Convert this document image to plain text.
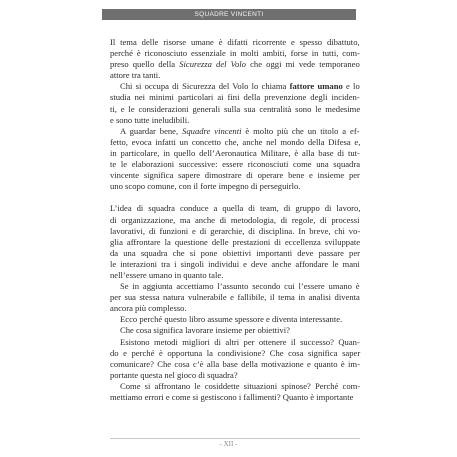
SQUADRE VINCENTI
Il tema delle risorse umane è difatti ricorrente e spesso dibattuto,
perché è riconosciuto essenziale in molti ambiti, forse in tutti, com-
preso quello della Sicurezza del Volo che oggi mi vede temporaneo
attore tra tanti.
Chi si occupa di Sicurezza del Volo lo chiama fattore umano e lo
studia nei minimi particolari ai fini della prevenzione degli inciden-
ti, e le considerazioni generali sulla sua centralità sono le medesime
e sono tutte ineludibili.
A guardar bene, Squadre vincenti è molto più che un titolo a ef-
fetto, evoca infatti un concetto che, anche nel mondo della Difesa e,
in particolare, in quello dell’Aeronautica Militare, è alla base di tut-
te le elaborazioni successive: essere riconosciuti come una squadra
vincente significa sapere dimostrare di operare bene e insieme per
uno scopo comune, con il forte impegno di perseguirlo.
L’idea di squadra conduce a quella di team, di gruppo di lavoro,
di organizzazione, ma anche di metodologia, di regole, di processi
lavorativi, di funzioni e di gerarchie, di disciplina. In breve, chi vo-
glia affrontare la questione delle prestazioni di eccellenza sviluppate
da una squadra che si pone obiettivi importanti deve passare per
le interazioni tra i singoli individui e deve anche affondare le mani
nell’essere umano in quanto tale.
Se in aggiunta accettiamo l’assunto secondo cui l’essere umano è
per sua stessa natura vulnerabile e fallibile, il tema in analisi diventa
ancora più complesso.
Ecco perché questo libro assume spessore e diventa interessante.
Che cosa significa lavorare insieme per obiettivi?
Esistono metodi migliori di altri per ottenere il successo? Quan-
do e perché è opportuna la condivisione? Che cosa significa saper
comunicare? Che cosa c’è alla base della motivazione e quanto è im-
portante questa nel gioco di squadra?
Come si affrontano le cosiddette situazioni spinose? Perché com-
mettiamo errori e come si gestiscono i fallimenti? Quanto è importante
- XII -
